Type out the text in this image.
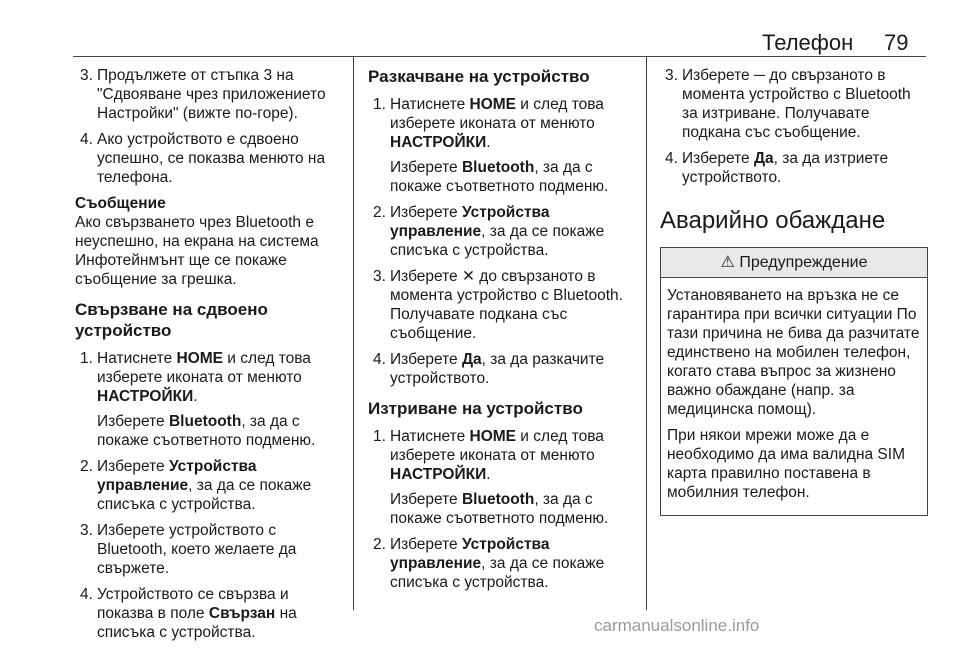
Телефон 79
3. Продължете от стъпка 3 на "Сдвояване чрез приложението Настройки" (вижте по-горе).
4. Ако устройството е сдвоено успешно, се показва менюто на телефона.
Съобщение
Ако свързването чрез Bluetooth е неуспешно, на екрана на система Инфотейнмънт ще се покаже съобщение за грешка.
Свързване на сдвоено устройство
1. Натиснете HOME и след това изберете иконата от менюто НАСТРОЙКИ.
Изберете Bluetooth, за да с покаже съответното подменю.
2. Изберете Устройства управление, за да се покаже списъка с устройства.
3. Изберете устройството с Bluetooth, което желаете да свържете.
4. Устройството се свързва и показва в поле Свързан на списъка с устройства.
Разкачване на устройство
1. Натиснете HOME и след това изберете иконата от менюто НАСТРОЙКИ.
Изберете Bluetooth, за да с покаже съответното подменю.
2. Изберете Устройства управление, за да се покаже списъка с устройства.
3. Изберете ✕ до свързаното в момента устройство с Bluetooth. Получавате подкана със съобщение.
4. Изберете Да, за да разкачите устройството.
Изтриване на устройство
1. Натиснете HOME и след това изберете иконата от менюто НАСТРОЙКИ.
Изберете Bluetooth, за да с покаже съответното подменю.
2. Изберете Устройства управление, за да се покаже списъка с устройства.
3. Изберете ─ до свързаното в момента устройство с Bluetooth за изтриване. Получавате подкана със съобщение.
4. Изберете Да, за да изтриете устройството.
Аварийно обаждане
⚠ Предупреждение

Установяването на връзка не се гарантира при всички ситуации По тази причина не бива да разчитате единствено на мобилен телефон, когато става въпрос за жизнено важно обаждане (напр. за медицинска помощ).

При някои мрежи може да е необходимо да има валидна SIM карта правилно поставена в мобилния телефон.

carmanualsonline.info
